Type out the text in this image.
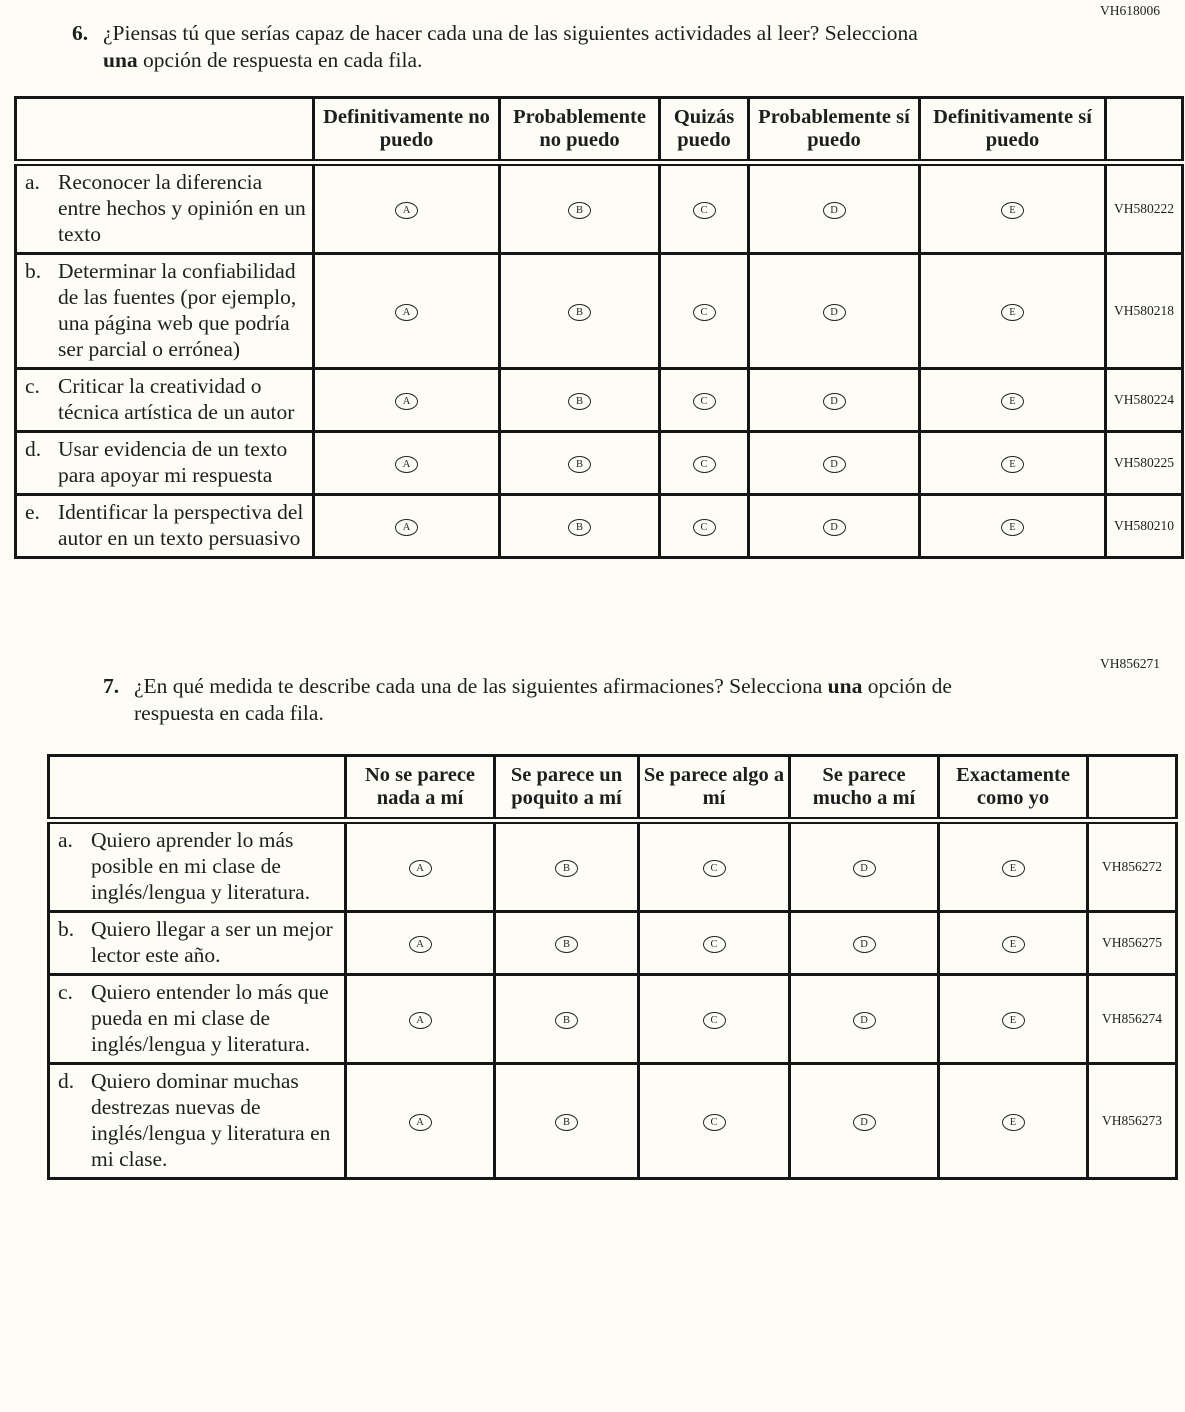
VH618006
6. ¿Piensas tú que serías capaz de hacer cada una de las siguientes actividades al leer? Selecciona una opción de respuesta en cada fila.
	Definitivamente no puedo	Probablemente no puedo	Quizás puedo	Probablemente sí puedo	Definitivamente sí puedo	

a. Reconocer la diferencia entre hechos y opinión en un texto	A	B	C	D	E	VH580222

b. Determinar la confiabilidad de las fuentes (por ejemplo, una página web que podría ser parcial o errónea)	A	B	C	D	E	VH580218

c. Criticar la creatividad o técnica artística de un autor	A	B	C	D	E	VH580224

d. Usar evidencia de un texto para apoyar mi respuesta	A	B	C	D	E	VH580225

e. Identificar la perspectiva del autor en un texto persuasivo	A	B	C	D	E	VH580210
VH856271
7. ¿En qué medida te describe cada una de las siguientes afirmaciones? Selecciona una opción de respuesta en cada fila.
	No se parece nada a mí	Se parece un poquito a mí	Se parece algo a mí	Se parece mucho a mí	Exactamente como yo	

a. Quiero aprender lo más posible en mi clase de inglés/lengua y literatura.	A	B	C	D	E	VH856272

b. Quiero llegar a ser un mejor lector este año.	A	B	C	D	E	VH856275

c. Quiero entender lo más que pueda en mi clase de inglés/lengua y literatura.	A	B	C	D	E	VH856274

d. Quiero dominar muchas destrezas nuevas de inglés/lengua y literatura en mi clase.	A	B	C	D	E	VH856273
